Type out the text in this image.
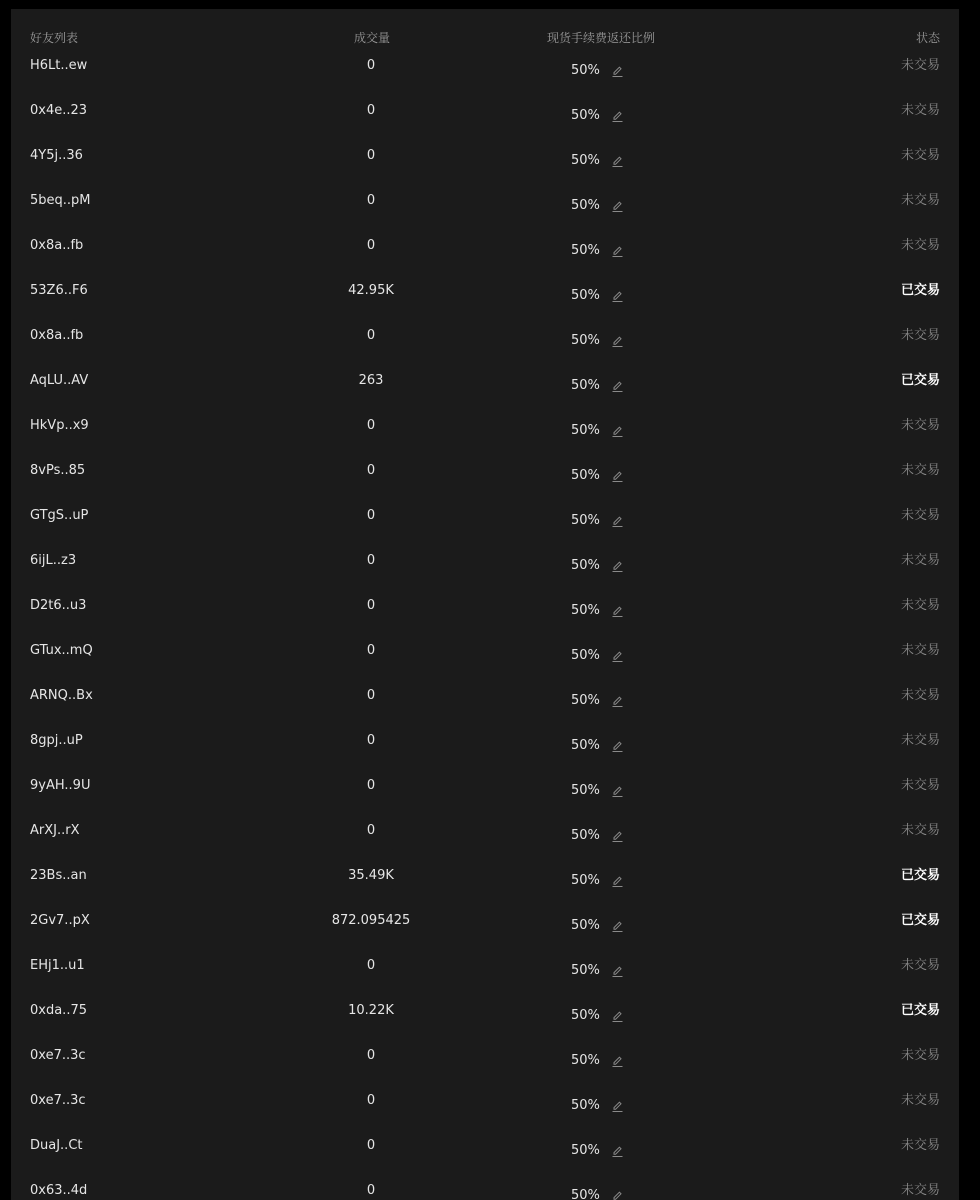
好友列表	成交量	现货手续费返还比例	状态
H6Lt..ew	0	50%	未交易
0x4e..23	0	50%	未交易
4Y5j..36	0	50%	未交易
5beq..pM	0	50%	未交易
0x8a..fb	0	50%	未交易
53Z6..F6	42.95K	50%	已交易
0x8a..fb	0	50%	未交易
AqLU..AV	263	50%	已交易
HkVp..x9	0	50%	未交易
8vPs..85	0	50%	未交易
GTgS..uP	0	50%	未交易
6ijL..z3	0	50%	未交易
D2t6..u3	0	50%	未交易
GTux..mQ	0	50%	未交易
ARNQ..Bx	0	50%	未交易
8gpj..uP	0	50%	未交易
9yAH..9U	0	50%	未交易
ArXJ..rX	0	50%	未交易
23Bs..an	35.49K	50%	已交易
2Gv7..pX	872.095425	50%	已交易
EHj1..u1	0	50%	未交易
0xda..75	10.22K	50%	已交易
0xe7..3c	0	50%	未交易
0xe7..3c	0	50%	未交易
DuaJ..Ct	0	50%	未交易
0x63..4d	0	50%	未交易
